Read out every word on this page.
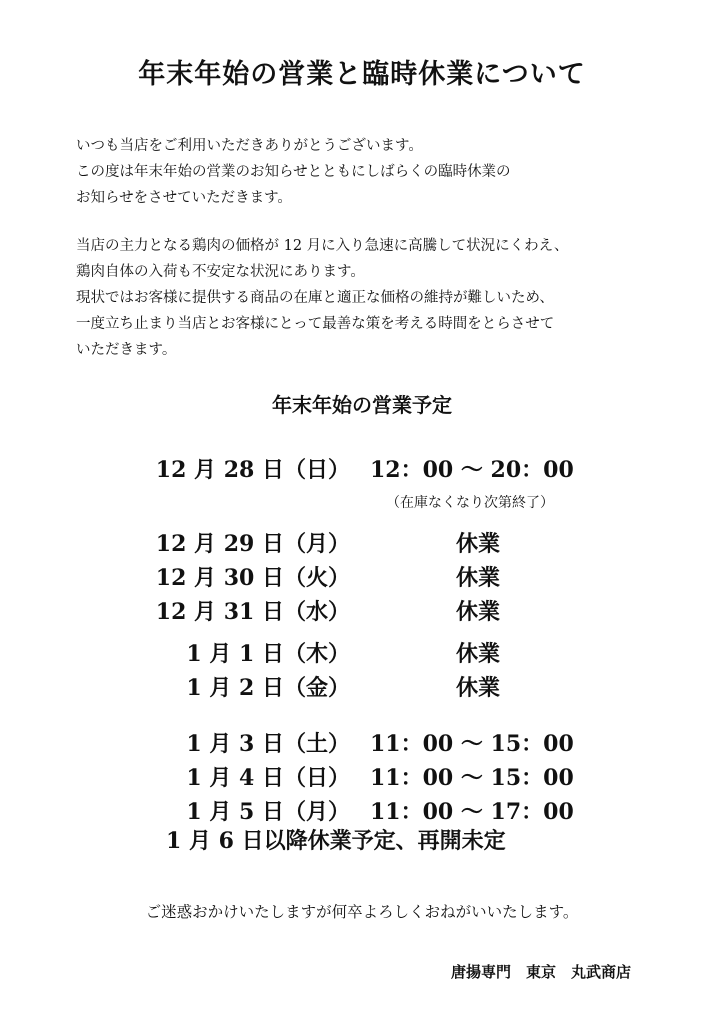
年末年始の営業と臨時休業について
いつも当店をご利用いただきありがとうございます。
この度は年末年始の営業のお知らせとともにしばらくの臨時休業の
お知らせをさせていただきます。
当店の主力となる鶏肉の価格が 12 月に入り急速に高騰して状況にくわえ、
鶏肉自体の入荷も不安定な状況にあります。
現状ではお客様に提供する商品の在庫と適正な価格の維持が難しいため、
一度立ち止まり当店とお客様にとって最善な策を考える時間をとらさせて
いただきます。
年末年始の営業予定
12 月 28 日（日） 12：00 ～ 20：00
12 月 29 日（月）	休業
12 月 30 日（火）	休業
12 月 31 日（水）	休業
1 月 1 日（木）	休業
1 月 2 日（金）	休業
1 月 3 日（土） 11：00 ～ 15：00
1 月 4 日（日） 11：00 ～ 15：00
1 月 5 日（月） 11：00 ～ 17：00
（在庫なくなり次第終了）
1 月 6 日以降休業予定、再開未定
ご迷惑おかけいたしますが何卒よろしくおねがいいたします。
唐揚専門　東京　丸武商店
